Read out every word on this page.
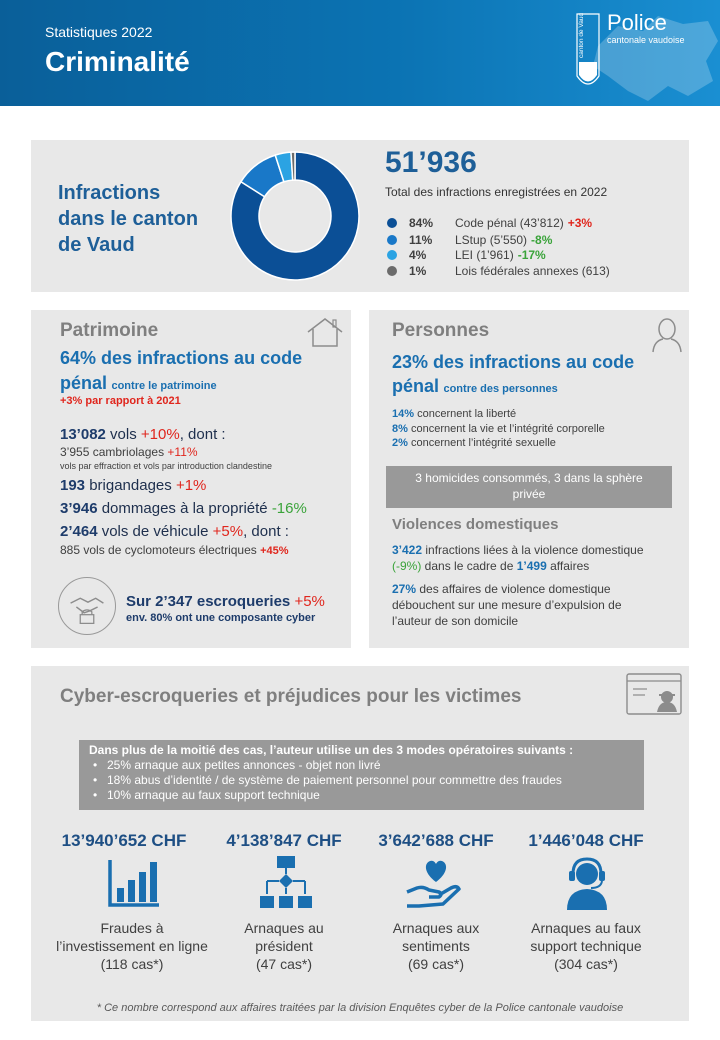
Statistiques 2022
Criminalité
canton de Vaud Police
cantonale vaudoise
Infractions
dans le canton
de Vaud
51’936
Total des infractions enregistrées en 2022
84% Code pénal (43’812) +3%
11% LStup (5’550) -8%
4% LEI (1’961) -17%
1% Lois fédérales annexes (613)
Patrimoine
64% des infractions au code
pénal contre le patrimoine
+3% par rapport à 2021
13’082 vols +10%, dont :
3’955 cambriolages +11%
vols par effraction et vols par introduction clandestine
193 brigandages +1%
3’946 dommages à la propriété -16%
2’464 vols de véhicule +5%, dont :
885 vols de cyclomoteurs électriques +45%
Sur 2’347 escroqueries +5%
env. 80% ont une composante cyber
Personnes
23% des infractions au code
pénal contre des personnes
14% concernent la liberté
8% concernent la vie et l’intégrité corporelle
2% concernent l’intégrité sexuelle
3 homicides consommés, 3 dans la sphère privée
Violences domestiques
3’422 infractions liées à la violence domestique
(-9%) dans le cadre de 1’499 affaires
27% des affaires de violence domestique
débouchent sur une mesure d’expulsion de
l’auteur de son domicile
Cyber-escroqueries et préjudices pour les victimes
Dans plus de la moitié des cas, l’auteur utilise un des 3 modes opératoires suivants :
• 25% arnaque aux petites annonces - objet non livré
• 18% abus d’identité / de système de paiement personnel pour commettre des fraudes
• 10% arnaque au faux support technique
13’940’652 CHF
Fraudes à
l’investissement en ligne
(118 cas*)
4’138’847 CHF
Arnaques au
président
(47 cas*)
3’642’688 CHF
Arnaques aux
sentiments
(69 cas*)
1’446’048 CHF
Arnaques au faux
support technique
(304 cas*)
* Ce nombre correspond aux affaires traitées par la division Enquêtes cyber de la Police cantonale vaudoise
